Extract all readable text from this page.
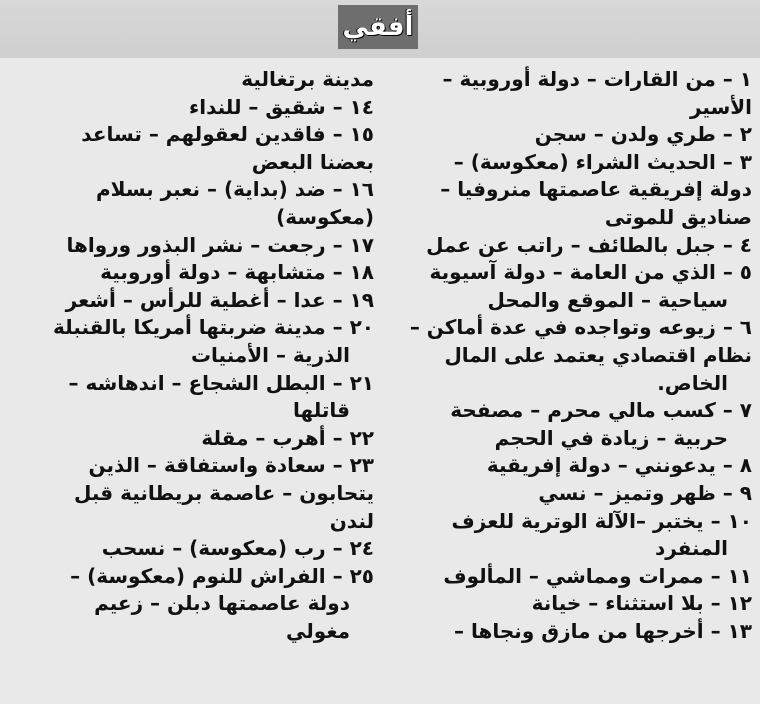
أفقي
١ – من القارات – دولة أوروبية –
الأسير
٢ – طري ولدن – سجن
٣ – الحديث الشراء (معكوسة) –
دولة إفريقية عاصمتها منروفيا –
صناديق للموتى
٤ – جبل بالطائف – راتب عن عمل
٥ – الذي من العامة – دولة آسيوية
سياحية – الموقع والمحل
٦ – زيوعه وتواجده في عدة أماكن –
نظام اقتصادي يعتمد على المال
الخاص.
٧ – كسب مالي محرم – مصفحة
حربية – زيادة في الحجم
٨ – يدعونني – دولة إفريقية
٩ – ظهر وتميز – نسي
١٠ – يختبر –الآلة الوترية للعزف
المنفرد
١١ – ممرات ومماشي – المألوف
١٢ – بلا استثناء – خيانة
١٣ – أخرجها من مازق ونجاها –
مدينة برتغالية
١٤ – شقيق – للنداء
١٥ – فاقدين لعقولهم – تساعد
بعضنا البعض
١٦ – ضد (بداية) – نعبر بسلام
(معكوسة)
١٧ – رجعت – نشر البذور ورواها
١٨ – متشابهة – دولة أوروبية
١٩ – عدا – أغطية للرأس – أشعر
٢٠ – مدينة ضربتها أمريكا بالقنبلة
الذرية – الأمنيات
٢١ – البطل الشجاع – اندهاشه –
قاتلها
٢٢ – أهرب – مقلة
٢٣ – سعادة واستفاقة – الذين
يتحابون – عاصمة بريطانية قبل
لندن
٢٤ – رب (معكوسة) – نسحب
٢٥ – الفراش للنوم (معكوسة) –
دولة عاصمتها دبلن – زعيم
مغولي
